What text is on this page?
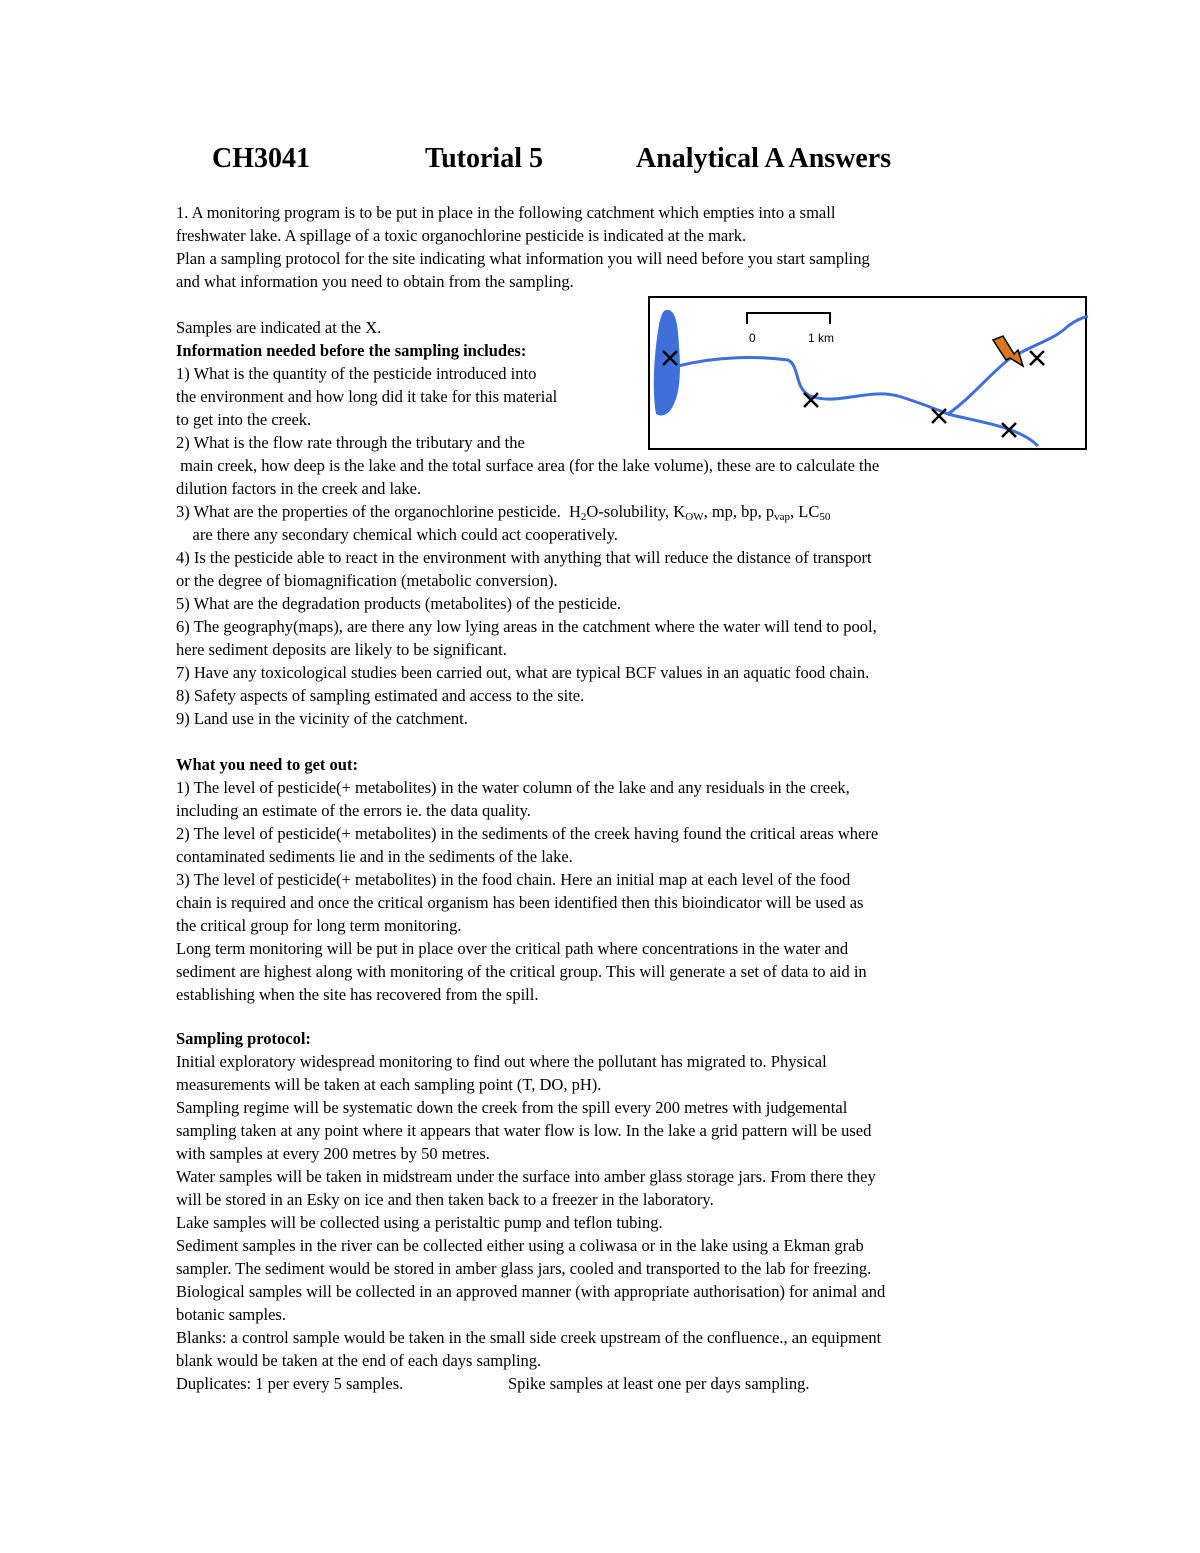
CH3041	Tutorial 5	Analytical A Answers
1. A monitoring program is to be put in place in the following catchment which empties into a small
freshwater lake. A spillage of a toxic organochlorine pesticide is indicated at the mark.
Plan a sampling protocol for the site indicating what information you will need before you start sampling
and what information you need to obtain from the sampling.
0	1 km
Samples are indicated at the X.
Information needed before the sampling includes:
1) What is the quantity of the pesticide introduced into
the environment and how long did it take for this material
to get into the creek.
2) What is the flow rate through the tributary and the
main creek, how deep is the lake and the total surface area (for the lake volume), these are to calculate the
dilution factors in the creek and lake.
3) What are the properties of the organochlorine pesticide.  $H_2O$-solubility, $K_{OW}$, mp, bp, $p_{vap}$, $LC_{50}$
are there any secondary chemical which could act cooperatively.
4) Is the pesticide able to react in the environment with anything that will reduce the distance of transport
or the degree of biomagnification (metabolic conversion).
5) What are the degradation products (metabolites) of the pesticide.
6) The geography(maps), are there any low lying areas in the catchment where the water will tend to pool,
here sediment deposits are likely to be significant.
7) Have any toxicological studies been carried out, what are typical BCF values in an aquatic food chain.
8) Safety aspects of sampling estimated and access to the site.
9) Land use in the vicinity of the catchment.
What you need to get out:
1) The level of pesticide(+ metabolites) in the water column of the lake and any residuals in the creek,
including an estimate of the errors ie. the data quality.
2) The level of pesticide(+ metabolites) in the sediments of the creek having found the critical areas where
contaminated sediments lie and in the sediments of the lake.
3) The level of pesticide(+ metabolites) in the food chain. Here an initial map at each level of the food
chain is required and once the critical organism has been identified then this bioindicator will be used as
the critical group for long term monitoring.
Long term monitoring will be put in place over the critical path where concentrations in the water and
sediment are highest along with monitoring of the critical group. This will generate a set of data to aid in
establishing when the site has recovered from the spill.
Sampling protocol:
Initial exploratory widespread monitoring to find out where the pollutant has migrated to. Physical
measurements will be taken at each sampling point (T, DO, pH).
Sampling regime will be systematic down the creek from the spill every 200 metres with judgemental
sampling taken at any point where it appears that water flow is low. In the lake a grid pattern will be used
with samples at every 200 metres by 50 metres.
Water samples will be taken in midstream under the surface into amber glass storage jars. From there they
will be stored in an Esky on ice and then taken back to a freezer in the laboratory.
Lake samples will be collected using a peristaltic pump and teflon tubing.
Sediment samples in the river can be collected either using a coliwasa or in the lake using a Ekman grab
sampler. The sediment would be stored in amber glass jars, cooled and transported to the lab for freezing.
Biological samples will be collected in an approved manner (with appropriate authorisation) for animal and
botanic samples.
Blanks: a control sample would be taken in the small side creek upstream of the confluence., an equipment
blank would be taken at the end of each days sampling.
Duplicates: 1 per every 5 samples.	Spike samples at least one per days sampling.
